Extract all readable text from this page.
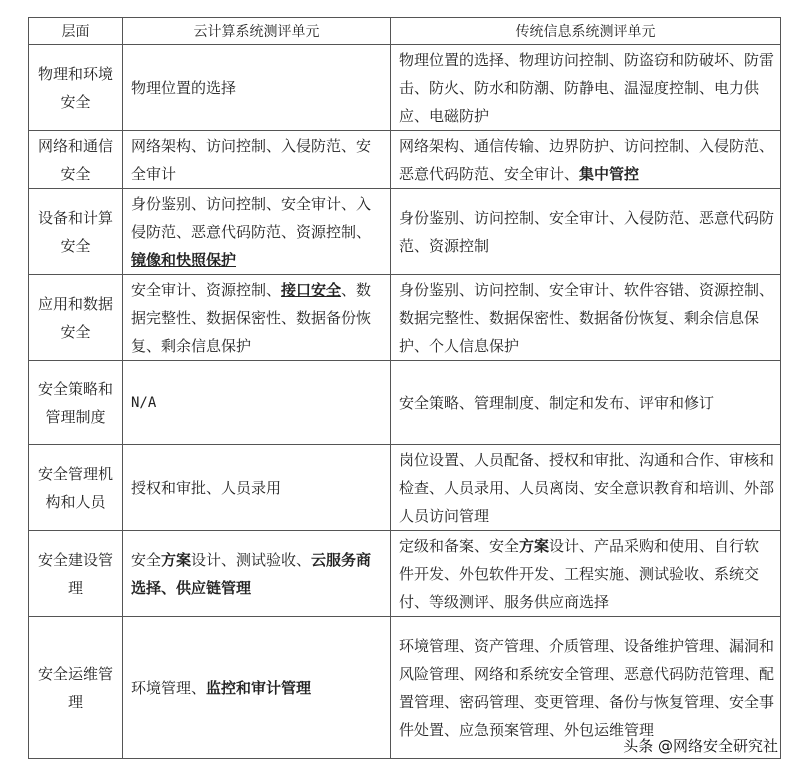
层面	云计算系统测评单元	传统信息系统测评单元
物理和环境安全	物理位置的选择	物理位置的选择、物理访问控制、防盗窃和防破坏、防雷击、防火、防水和防潮、防静电、温湿度控制、电力供应、电磁防护
网络和通信安全	网络架构、访问控制、入侵防范、安全审计	网络架构、通信传输、边界防护、访问控制、入侵防范、恶意代码防范、安全审计、集中管控
设备和计算安全	身份鉴别、访问控制、安全审计、入侵防范、恶意代码防范、资源控制、镜像和快照保护	身份鉴别、访问控制、安全审计、入侵防范、恶意代码防范、资源控制
应用和数据安全	安全审计、资源控制、接口安全、数据完整性、数据保密性、数据备份恢复、剩余信息保护	身份鉴别、访问控制、安全审计、软件容错、资源控制、数据完整性、数据保密性、数据备份恢复、剩余信息保护、个人信息保护
安全策略和管理制度	N/A	安全策略、管理制度、制定和发布、评审和修订
安全管理机构和人员	授权和审批、人员录用	岗位设置、人员配备、授权和审批、沟通和合作、审核和检查、人员录用、人员离岗、安全意识教育和培训、外部人员访问管理
安全建设管理	安全方案设计、测试验收、云服务商选择、供应链管理	定级和备案、安全方案设计、产品采购和使用、自行软件开发、外包软件开发、工程实施、测试验收、系统交付、等级测评、服务供应商选择
安全运维管理	环境管理、监控和审计管理	环境管理、资产管理、介质管理、设备维护管理、漏洞和风险管理、网络和系统安全管理、恶意代码防范管理、配置管理、密码管理、变更管理、备份与恢复管理、安全事件处置、应急预案管理、外包运维管理
头条 @网络安全研究社
